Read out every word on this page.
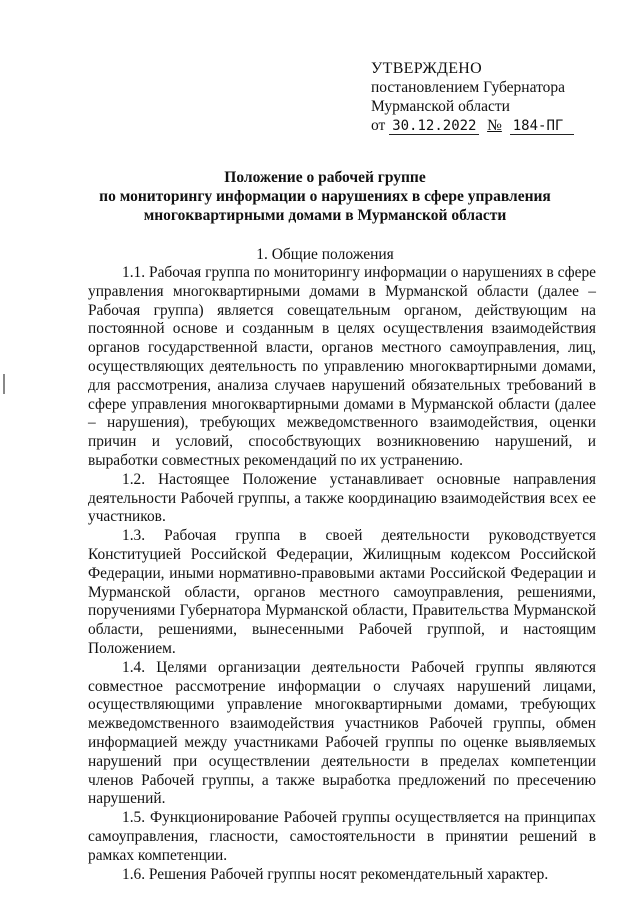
УТВЕРЖДЕНО
постановлением Губернатора
Мурманской области
от 30.12.2022 № 184-ПГ
Положение о рабочей группе
по мониторингу информации о нарушениях в сфере управления
многоквартирными домами в Мурманской области
1. Общие положения

1.1. Рабочая группа по мониторингу информации о нарушениях в сфере управления многоквартирными домами в Мурманской области (далее – Рабочая группа) является совещательным органом, действующим на постоянной основе и созданным в целях осуществления взаимодействия органов государственной власти, органов местного самоуправления, лиц, осуществляющих деятельность по управлению многоквартирными домами, для рассмотрения, анализа случаев нарушений обязательных требований в сфере управления многоквартирными домами в Мурманской области (далее – нарушения), требующих межведомственного взаимодействия, оценки причин и условий, способствующих возникновению нарушений, и выработки совместных рекомендаций по их устранению.

1.2. Настоящее Положение устанавливает основные направления деятельности Рабочей группы, а также координацию взаимодействия всех ее участников.

1.3. Рабочая группа в своей деятельности руководствуется Конституцией Российской Федерации, Жилищным кодексом Российской Федерации, иными нормативно-правовыми актами Российской Федерации и Мурманской области, органов местного самоуправления, решениями, поручениями Губернатора Мурманской области, Правительства Мурманской области, решениями, вынесенными Рабочей группой, и настоящим Положением.

1.4. Целями организации деятельности Рабочей группы являются совместное рассмотрение информации о случаях нарушений лицами, осуществляющими управление многоквартирными домами, требующих межведомственного взаимодействия участников Рабочей группы, обмен информацией между участниками Рабочей группы по оценке выявляемых нарушений при осуществлении деятельности в пределах компетенции членов Рабочей группы, а также выработка предложений по пресечению нарушений.

1.5. Функционирование Рабочей группы осуществляется на принципах самоуправления, гласности, самостоятельности в принятии решений в рамках компетенции.

1.6. Решения Рабочей группы носят рекомендательный характер.
